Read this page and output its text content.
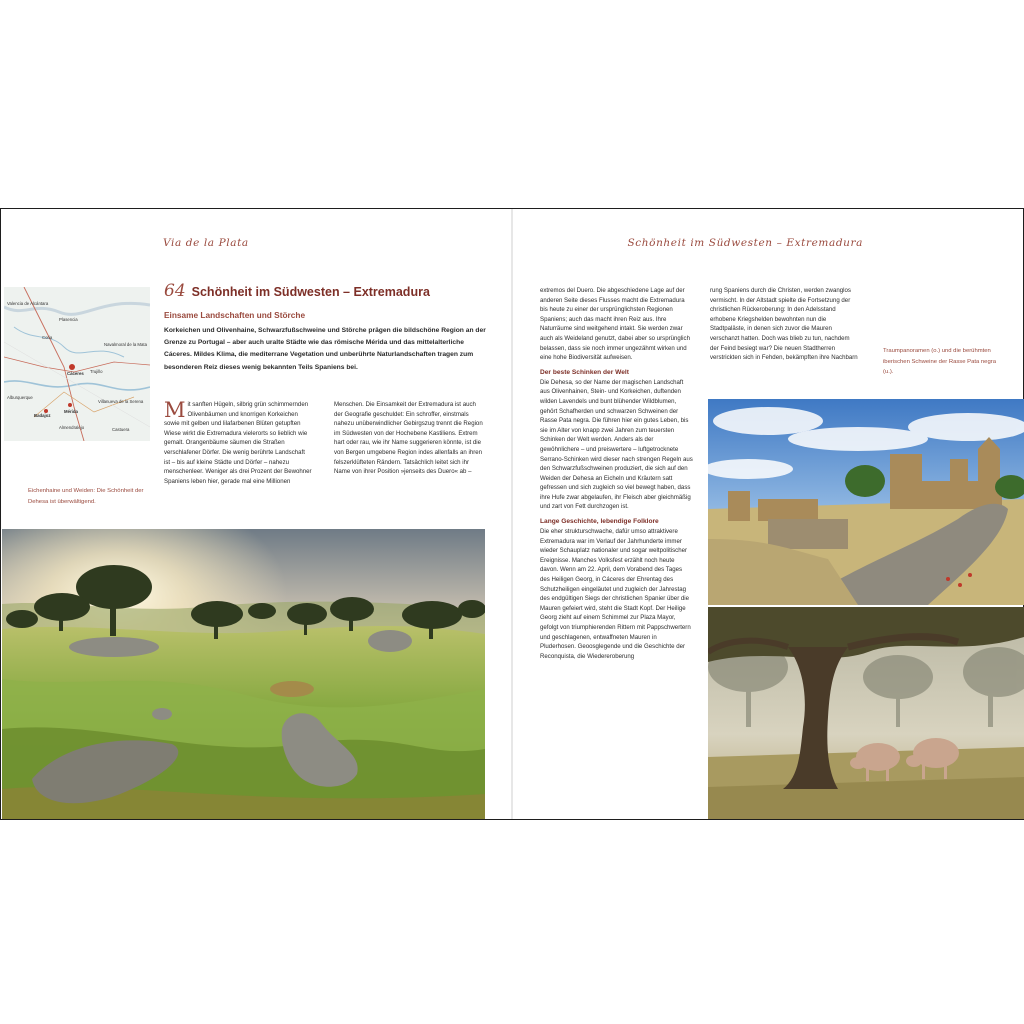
Via de la Plata
Valencia de Alcántara
Plasencia
Coria
Navalmoral de la Mata
Cáceres Trujillo
Alburquerque
Badajoz
Mérida
Villanueva de la Serena
Almendralejo	Castuera
64 Schönheit im Südwesten – Extremadura
Einsame Landschaften und Störche
Korkeichen und Olivenhaine, Schwarzfußschweine und Störche prägen die bildschöne Region an der Grenze zu Portugal – aber auch uralte Städte wie das römische Mérida und das mittelalterliche Cáceres. Mildes Klima, die mediterrane Vegetation und unberührte Naturlandschaften tragen zum besonderen Reiz dieses wenig bekannten Teils Spaniens bei.
Mit sanften Hügeln, silbrig grün schimmernden Olivenbäumen und knorrigen Korkeichen sowie mit gelben und lilafarbenen Blüten getupften Wiese wirkt die Extremadura vielerorts so lieblich wie gemalt. Orangenbäume säumen die Straßen verschlafener Dörfer. Die wenig berührte Landschaft ist – bis auf kleine Städte und Dörfer – nahezu menschenleer. Weniger als drei Prozent der Bewohner Spaniens leben hier, gerade mal eine Millionen

Menschen. Die Einsamkeit der Extremadura ist auch der Geografie geschuldet: Ein schroffer, einstmals nahezu unüberwindlicher Gebirgszug trennt die Region im Südwesten von der Hochebene Kastiliens. Extrem hart oder rau, wie ihr Name suggerieren könnte, ist die von Bergen umgebene Region indes allenfalls an ihren felszerklüfteten Rändern. Tatsächlich leitet sich ihr Name von ihrer Position »jenseits des Duero« ab –

Eichenhaine und Weiden: Die Schönheit der Dehesa ist überwältigend.
Schönheit im Südwesten – Extremadura

extremos del Duero. Die abgeschiedene Lage auf der anderen Seite dieses Flusses macht die Extremadura bis heute zu einer der ursprünglichsten Regionen Spaniens; auch das macht ihren Reiz aus. Ihre Naturräume sind weitgehend intakt. Sie werden zwar auch als Weideland genutzt, dabei aber so ursprünglich belassen, dass sie noch immer ungezähmt wirken und eine hohe Biodiversität aufweisen.

Der beste Schinken der Welt

Die Dehesa, so der Name der magischen Landschaft aus Olivenhainen, Stein- und Korkeichen, duftenden wilden Lavendels und bunt blühender Wildblumen, gehört Schafherden und schwarzen Schweinen der Rasse Pata negra. Die führen hier ein gutes Leben, bis sie im Alter von knapp zwei Jahren zum teuersten Schinken der Welt werden. Anders als der gewöhnlichere – und preiswertere – luftgetrocknete Serrano-Schinken wird dieser nach strengen Regeln aus den Schwarzfußschweinen produziert, die sich auf den Weiden der Dehesa an Eicheln und Kräutern satt gefressen und sich zugleich so viel bewegt haben, dass ihre Hufe zwar abgelaufen, ihr Fleisch aber gleichmäßig und zart von Fett durchzogen ist.

Lange Geschichte, lebendige Folklore

Die eher strukturschwache, dafür umso attraktivere Extremadura war im Verlauf der Jahrhunderte immer wieder Schauplatz nationaler und sogar weltpolitischer Ereignisse. Manches Volksfest erzählt noch heute davon. Wenn am 22. April, dem Vorabend des Tages des Heiligen Georg, in Cáceres der Ehrentag des Schutzheiligen eingeläutet und zugleich der Jahrestag des endgültigen Siegs der christlichen Spanier über die Mauren gefeiert wird, steht die Stadt Kopf. Der Heilige Georg zieht auf einem Schimmel zur Plaza Mayor, gefolgt von triumphierenden Rittern mit Pappschwertern und geschlagenen, entwaffneten Mauren in Pluderhosen. Geoosglegende und die Geschichte der Reconquista, die Wiedereroberung

rung Spaniens durch die Christen, werden zwanglos vermischt. In der Altstadt spielte die Fortsetzung der christlichen Rückeroberung: In den Adelsstand erhobene Kriegshelden bewohnten nun die Stadtpaläste, in denen sich zuvor die Mauren verschanzt hatten. Doch was blieb zu tun, nachdem der Feind besiegt war? Die neuen Stadtherren verstrickten sich in Fehden, bekämpften ihre Nachbarn

Traumpanoramen (o.) und die berühmten iberischen Schweine der Rasse Pata negra (u.).
